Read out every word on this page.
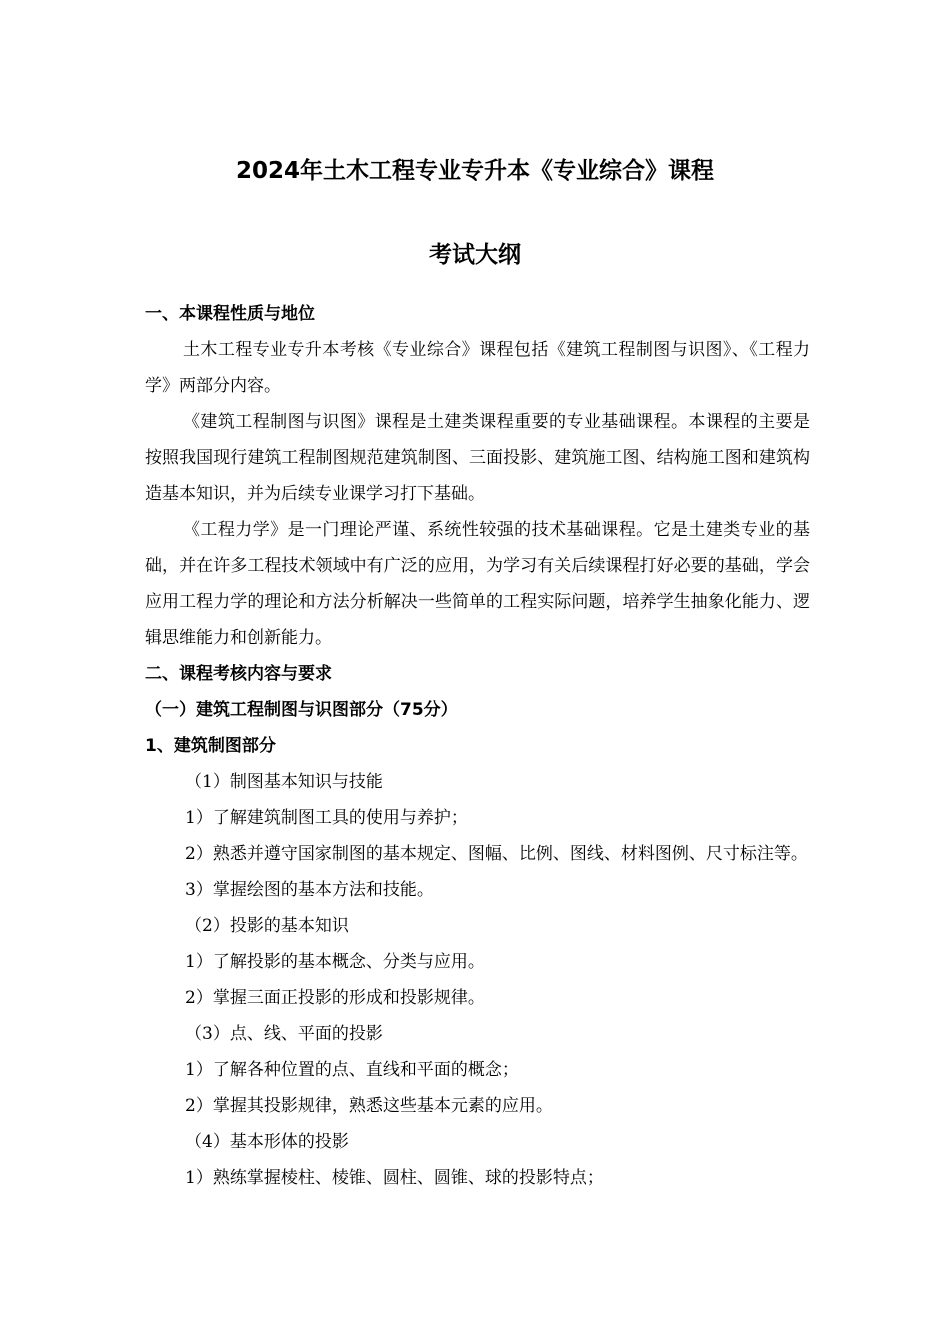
2024年土木工程专业专升本《专业综合》课程
考试大纲

一、本课程性质与地位

土木工程专业专升本考核《专业综合》课程包括《建筑工程制图与识图》、《工程力学》两部分内容。

《建筑工程制图与识图》课程是土建类课程重要的专业基础课程。本课程的主要是按照我国现行建筑工程制图规范建筑制图、三面投影、建筑施工图、结构施工图和建筑构造基本知识，并为后续专业课学习打下基础。

《工程力学》是一门理论严谨、系统性较强的技术基础课程。它是土建类专业的基础，并在许多工程技术领域中有广泛的应用，为学习有关后续课程打好必要的基础，学会应用工程力学的理论和方法分析解决一些简单的工程实际问题，培养学生抽象化能力、逻辑思维能力和创新能力。

二、课程考核内容与要求

（一）建筑工程制图与识图部分（75分）

1、建筑制图部分

（1）制图基本知识与技能

1）了解建筑制图工具的使用与养护；

2）熟悉并遵守国家制图的基本规定、图幅、比例、图线、材料图例、尺寸标注等。

3）掌握绘图的基本方法和技能。

（2）投影的基本知识

1）了解投影的基本概念、分类与应用。

2）掌握三面正投影的形成和投影规律。

（3）点、线、平面的投影

1）了解各种位置的点、直线和平面的概念；

2）掌握其投影规律，熟悉这些基本元素的应用。

（4）基本形体的投影

1）熟练掌握棱柱、棱锥、圆柱、圆锥、球的投影特点；
